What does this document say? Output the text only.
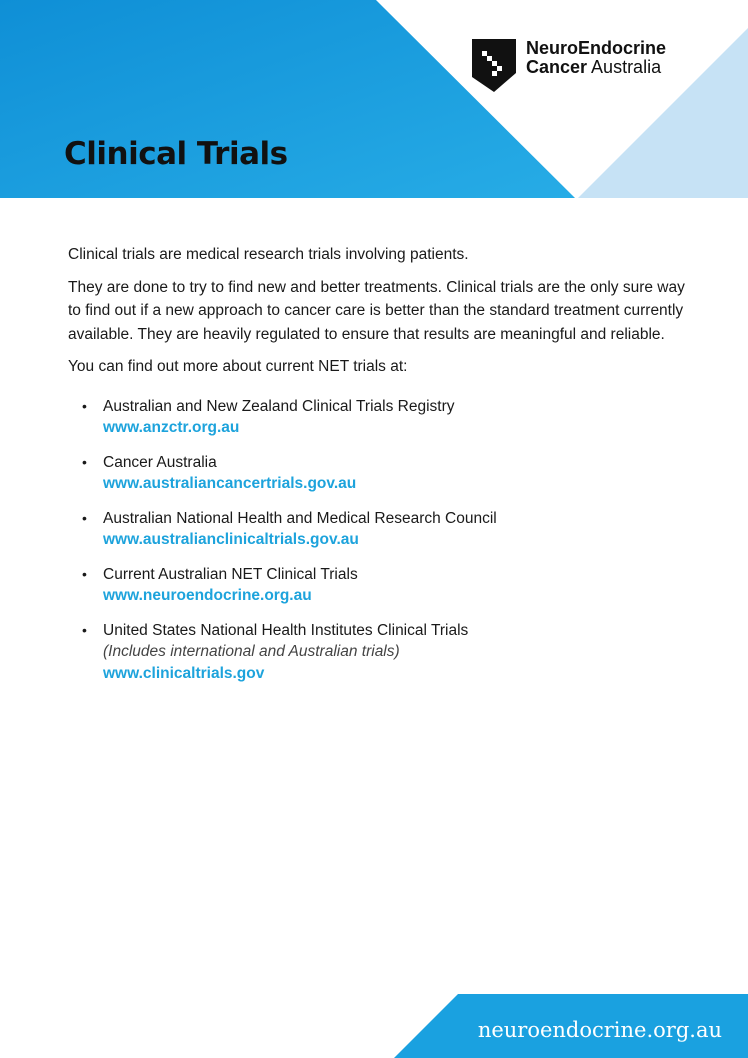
NeuroEndocrine
Cancer Australia
Clinical Trials

Clinical trials are medical research trials involving patients.

They are done to try to find new and better treatments. Clinical trials are the only sure way to find out if a new approach to cancer care is better than the standard treatment currently available. They are heavily regulated to ensure that results are meaningful and reliable.

You can find out more about current NET trials at:

• Australian and New Zealand Clinical Trials Registry
www.anzctr.org.au
• Cancer Australia
www.australiancancertrials.gov.au
• Australian National Health and Medical Research Council
www.australianclinicaltrials.gov.au
• Current Australian NET Clinical Trials
www.neuroendocrine.org.au
• United States National Health Institutes Clinical Trials
(Includes international and Australian trials)
www.clinicaltrials.gov
neuroendocrine.org.au
